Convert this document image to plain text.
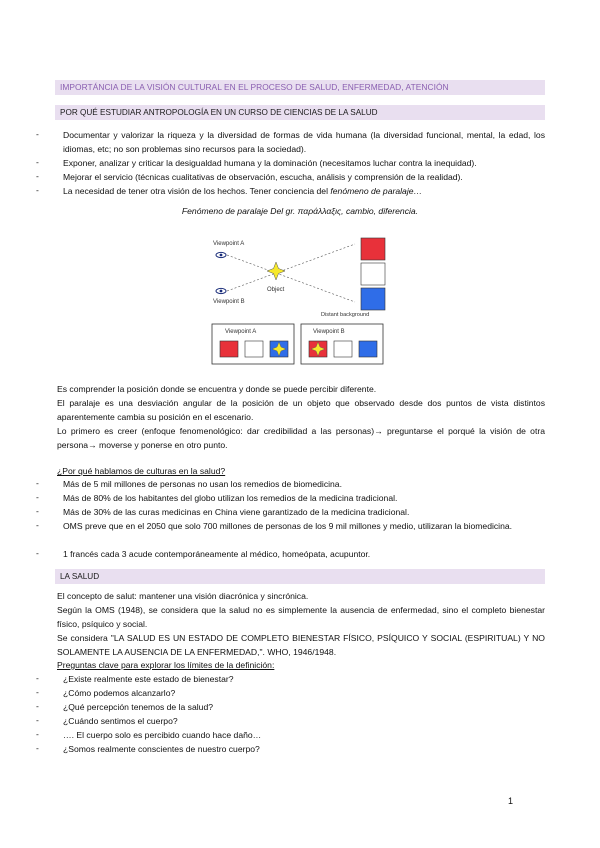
IMPORTÁNCIA DE LA VISIÓN CULTURAL EN EL PROCESO DE SALUD, ENFERMEDAD, ATENCIÓN
POR QUÉ ESTUDIAR ANTROPOLOGÍA EN UN CURSO DE CIENCIAS DE LA SALUD
-	Documentar y valorizar la riqueza y la diversidad de formas de vida humana (la diversidad funcional, mental, la edad, los idiomas, etc; no son problemas sino recursos para la sociedad).
-	Exponer, analizar y criticar la desigualdad humana y la dominación (necesitamos luchar contra la inequidad).
-	Mejorar el servicio (técnicas cualitativas de observación, escucha, análisis y comprensión de la realidad).
-	La necesidad de tener otra visión de los hechos. Tener conciencia del fenómeno de paralaje…
Fenómeno de paralaje Del gr. παράλλαξις, cambio, diferencia.
Viewpoint A
Viewpoint B
Object
Distant background
Viewpoint A	Viewpoint B
Es comprender la posición donde se encuentra y donde se puede percibir diferente.
El paralaje es una desviación angular de la posición de un objeto que observado desde dos puntos de vista distintos aparentemente cambia su posición en el escenario.
Lo primero es creer (enfoque fenomenológico: dar credibilidad a las personas)→ preguntarse el porqué la visión de otra persona→ moverse y ponerse en otro punto.
¿Por qué hablamos de culturas en la salud?
-	Más de 5 mil millones de personas no usan los remedios de biomedicina.
-	Más de 80% de los habitantes del globo utilizan los remedios de la medicina tradicional.
-	Más de 30% de las curas medicinas en China viene garantizado de la medicina tradicional.
-	OMS preve que en el 2050 que solo 700 millones de personas de los 9 mil millones y medio, utilizaran la biomedicina.
-	1 francés cada 3 acude contemporáneamente al médico, homeópata, acupuntor.
LA SALUD
El concepto de salut: mantener una visión diacrónica y sincrónica.
Según la OMS (1948), se considera que la salud no es simplemente la ausencia de enfermedad, sino el completo bienestar físico, psíquico y social.
Se considera "LA SALUD ES UN ESTADO DE COMPLETO BIENESTAR FÍSICO, PSÍQUICO Y SOCIAL (ESPIRITUAL) Y NO SOLAMENTE LA AUSENCIA DE LA ENFERMEDAD,". WHO, 1946/1948.
Preguntas clave para explorar los límites de la definición:
-	¿Existe realmente este estado de bienestar?
-	¿Cómo podemos alcanzarlo?
-	¿Qué percepción tenemos de la salud?
-	¿Cuándo sentimos el cuerpo?
-	…. El cuerpo solo es percibido cuando hace daño…
-	¿Somos realmente conscientes de nuestro cuerpo?
1
